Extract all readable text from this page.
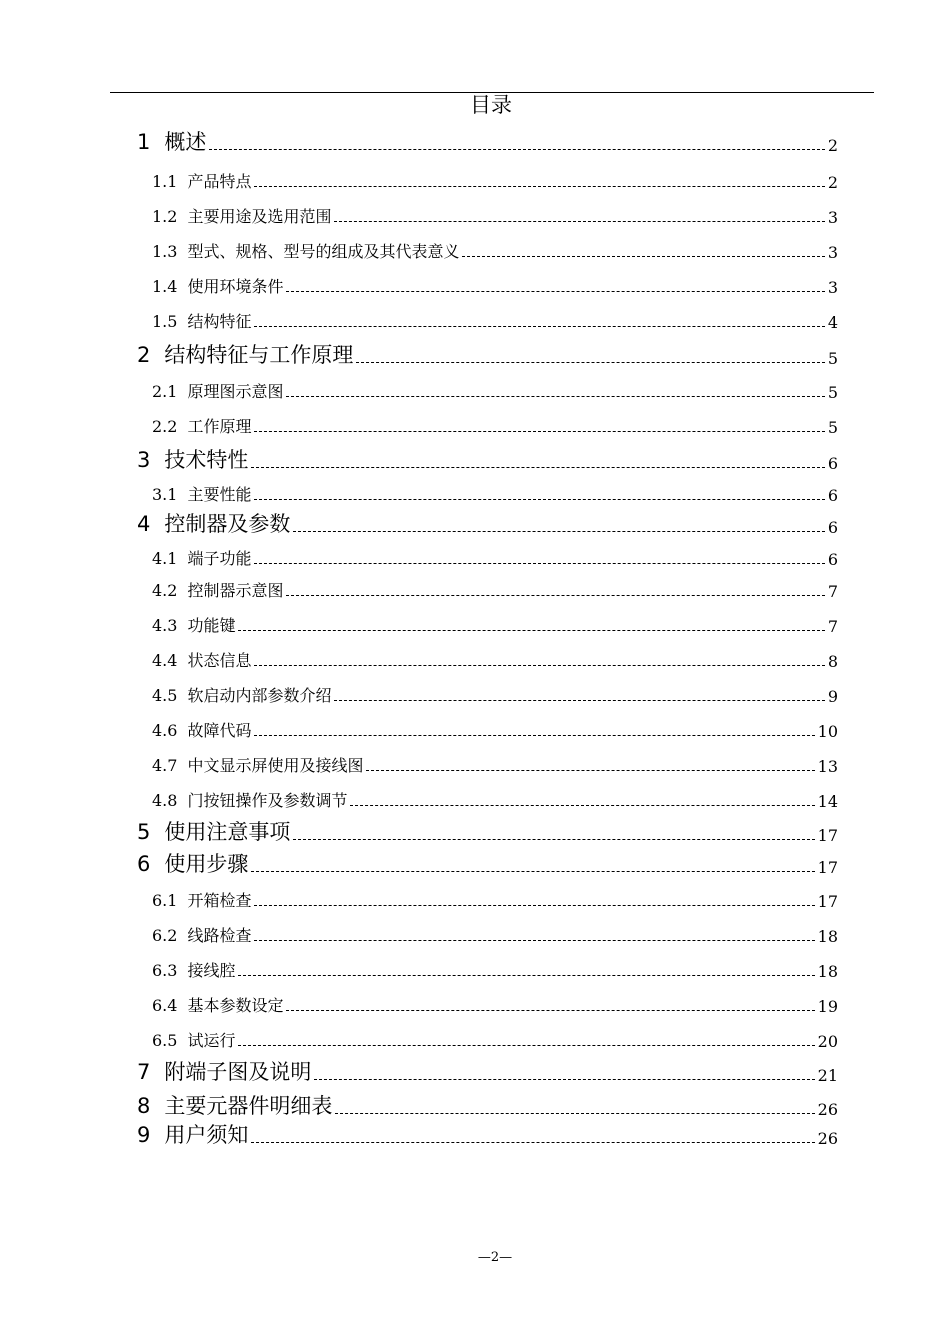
目录
1 概述	2
1.1 产品特点	2
1.2 主要用途及选用范围	3
1.3 型式、规格、型号的组成及其代表意义	3
1.4 使用环境条件	3
1.5 结构特征	4
2 结构特征与工作原理	5
2.1 原理图示意图	5
2.2 工作原理	5
3 技术特性	6
3.1 主要性能	6
4 控制器及参数	6
4.1 端子功能	6
4.2 控制器示意图	7
4.3 功能键	7
4.4 状态信息	8
4.5 软启动内部参数介绍	9
4.6 故障代码	10
4.7 中文显示屏使用及接线图	13
4.8 门按钮操作及参数调节	14
5 使用注意事项	17
6 使用步骤	17
6.1 开箱检查	17
6.2 线路检查	18
6.3 接线腔	18
6.4 基本参数设定	19
6.5 试运行	20
7 附端子图及说明	21
8 主要元器件明细表	26
9 用户须知	26
—2—
